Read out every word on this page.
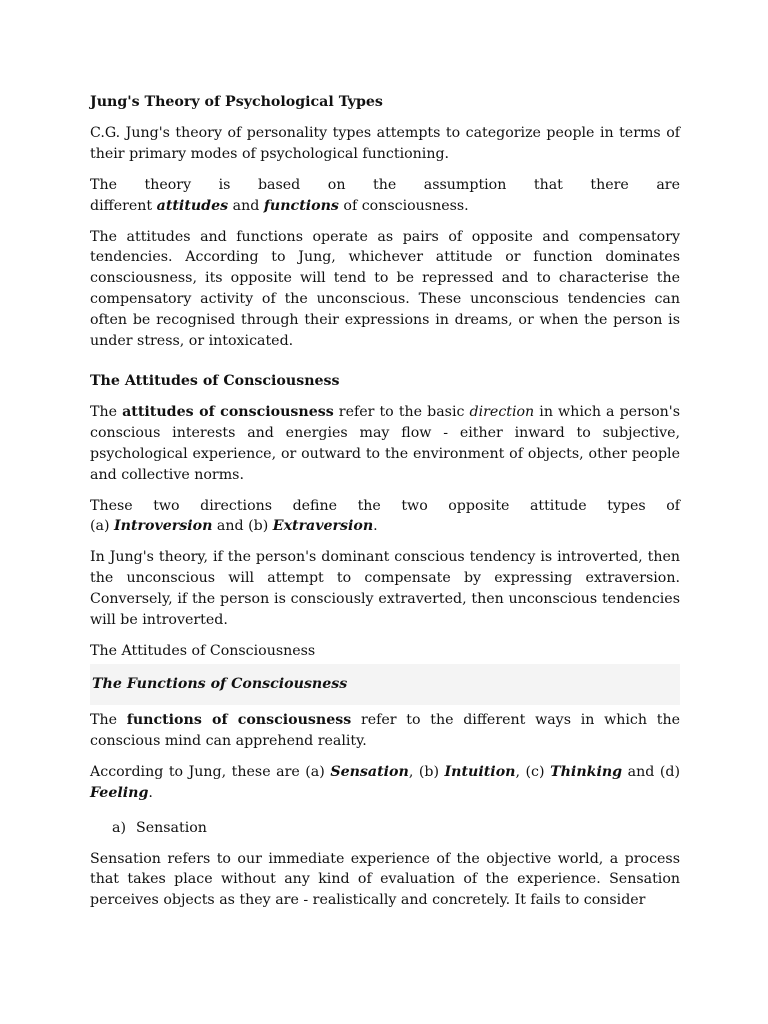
Jung's Theory of Psychological Types

C.G. Jung's theory of personality types attempts to categorize people in terms of their primary modes of psychological functioning.

The theory is based on the assumption that there are
different attitudes and functions of consciousness.

The attitudes and functions operate as pairs of opposite and compensatory tendencies. According to Jung, whichever attitude or function dominates consciousness, its opposite will tend to be repressed and to characterise the compensatory activity of the unconscious. These unconscious tendencies can often be recognised through their expressions in dreams, or when the person is under stress, or intoxicated.

The Attitudes of Consciousness

The attitudes of consciousness refer to the basic direction in which a person's conscious interests and energies may flow - either inward to subjective, psychological experience, or outward to the environment of objects, other people and collective norms.

These two directions define the two opposite attitude types of
(a) Introversion and (b) Extraversion.

In Jung's theory, if the person's dominant conscious tendency is introverted, then the unconscious will attempt to compensate by expressing extraversion. Conversely, if the person is consciously extraverted, then unconscious tendencies will be introverted.

The Attitudes of Consciousness

The Functions of Consciousness

The functions of consciousness refer to the different ways in which the conscious mind can apprehend reality.

According to Jung, these are (a) Sensation, (b) Intuition, (c) Thinking and (d) Feeling.

a) Sensation

Sensation refers to our immediate experience of the objective world, a process that takes place without any kind of evaluation of the experience. Sensation perceives objects as they are - realistically and concretely. It fails to consider
